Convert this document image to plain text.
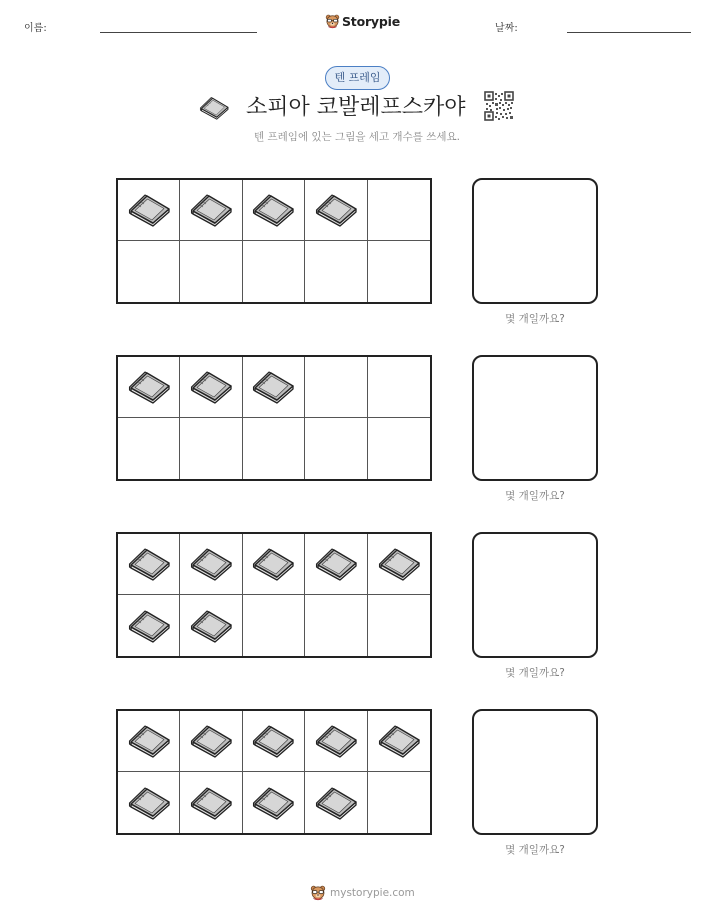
이름:	Storypie	날짜:
텐 프레임
소피아 코발레프스카야
텐 프레임에 있는 그림을 세고 개수를 쓰세요.
몇 개일까요?
몇 개일까요?
몇 개일까요?
몇 개일까요?
mystorypie.com
